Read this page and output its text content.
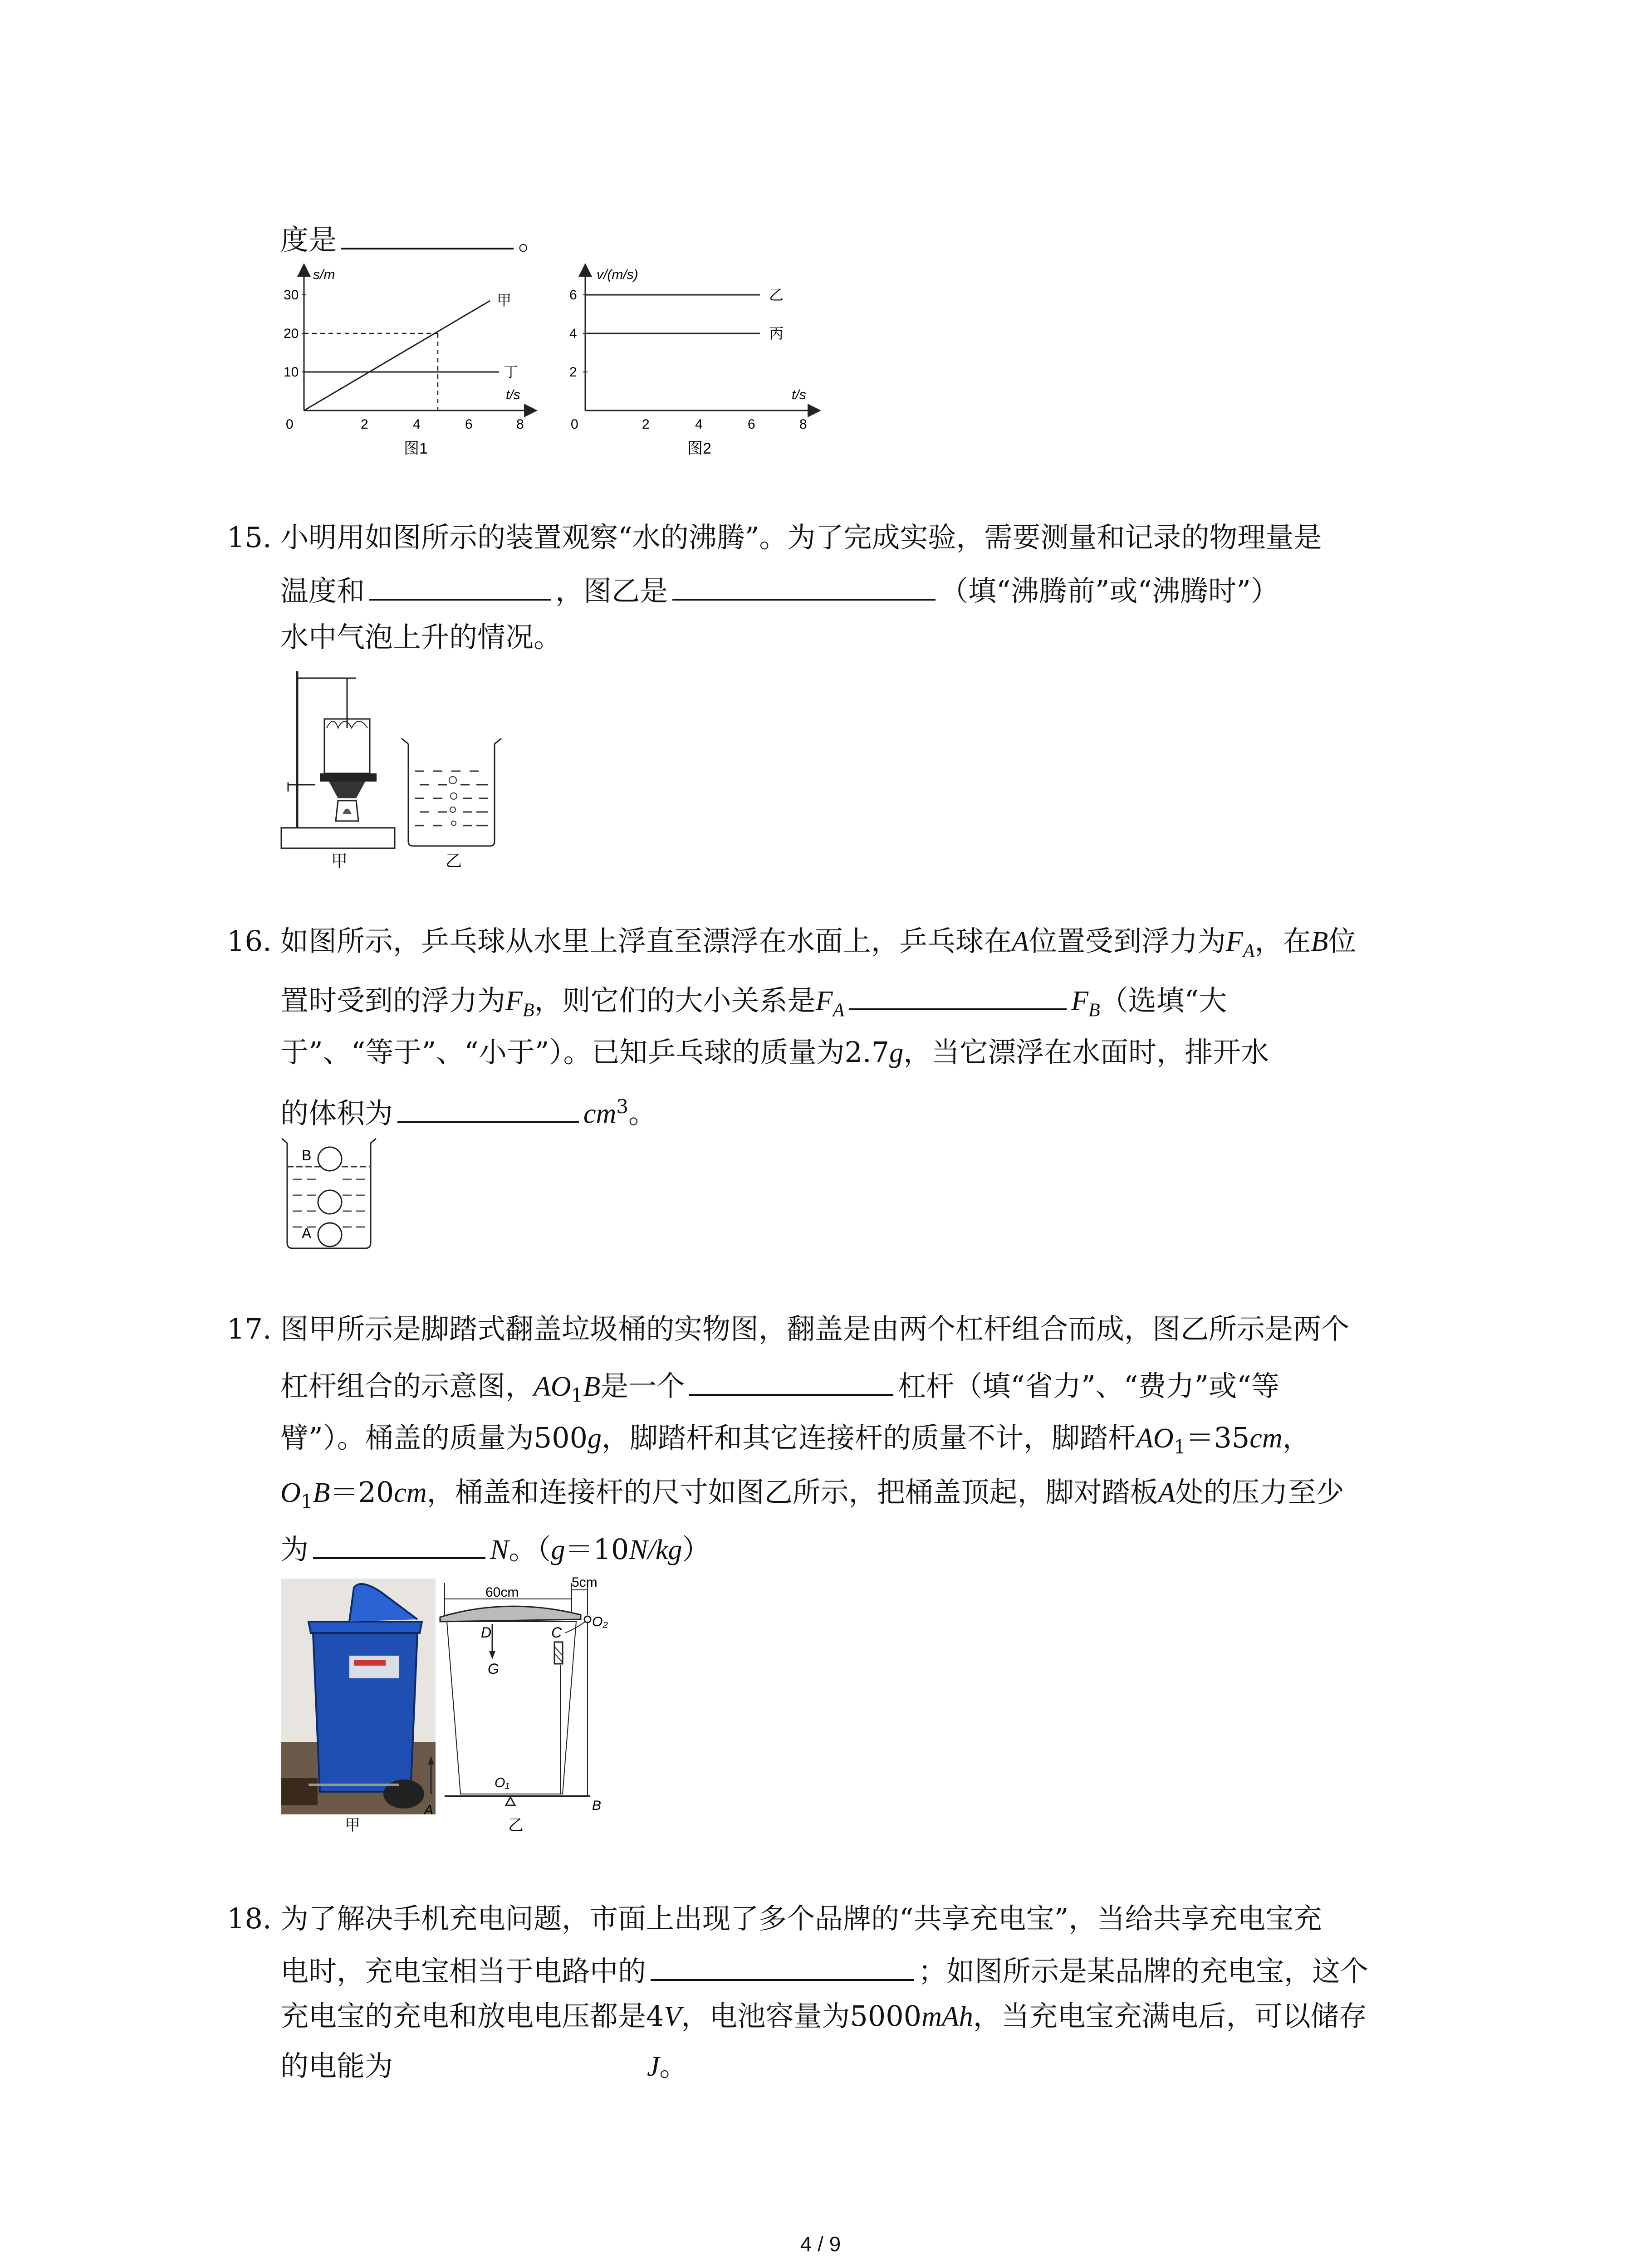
度是	。
s/m
t/s
0
10
20
30
2	4	6	8
甲
丁
图1
v/(m/s)
t/s
0
2
4
6
2	4	6	8
乙
丙
图2
15. 小明用如图所示的装置观察“水的沸腾”。为了完成实验，需要测量和记录的物理量是
温度和	，图乙是	（填“沸腾前”或“沸腾时”）
水中气泡上升的情况。
甲	乙
16. 如图所示，乒乓球从水里上浮直至漂浮在水面上，乒乓球在A位置受到浮力为$F_A$，在B位
置时受到的浮力为$F_B$，则它们的大小关系是$F_A$	$F_B$（选填“大
于”、“等于”、“小于”）。已知乒乓球的质量为2.7g，当它漂浮在水面时，排开水
的体积为	$cm^3$。
B
A
17. 图甲所示是脚踏式翻盖垃圾桶的实物图，翻盖是由两个杠杆组合而成，图乙所示是两个
杠杆组合的示意图，$AO_1B$是一个	杠杆（填“省力”、“费力”或“等
臂”）。桶盖的质量为500g，脚踏杆和其它连接杆的质量不计，脚踏杆$AO_1=35cm$，
$O_1B=20cm$，桶盖和连接杆的尺寸如图乙所示，把桶盖顶起，脚对踏板A处的压力至少
为	N。（g＝10N/kg）
甲
60cm
5cm
O₂
D
G
C
O₁
A	B
乙
18. 为了解决手机充电问题，市面上出现了多个品牌的“共享充电宝”，当给共享充电宝充
电时，充电宝相当于电路中的	；如图所示是某品牌的充电宝，这个
充电宝的充电和放电电压都是4V，电池容量为5000mAh，当充电宝充满电后，可以储存
的电能为	J。
4 / 9
